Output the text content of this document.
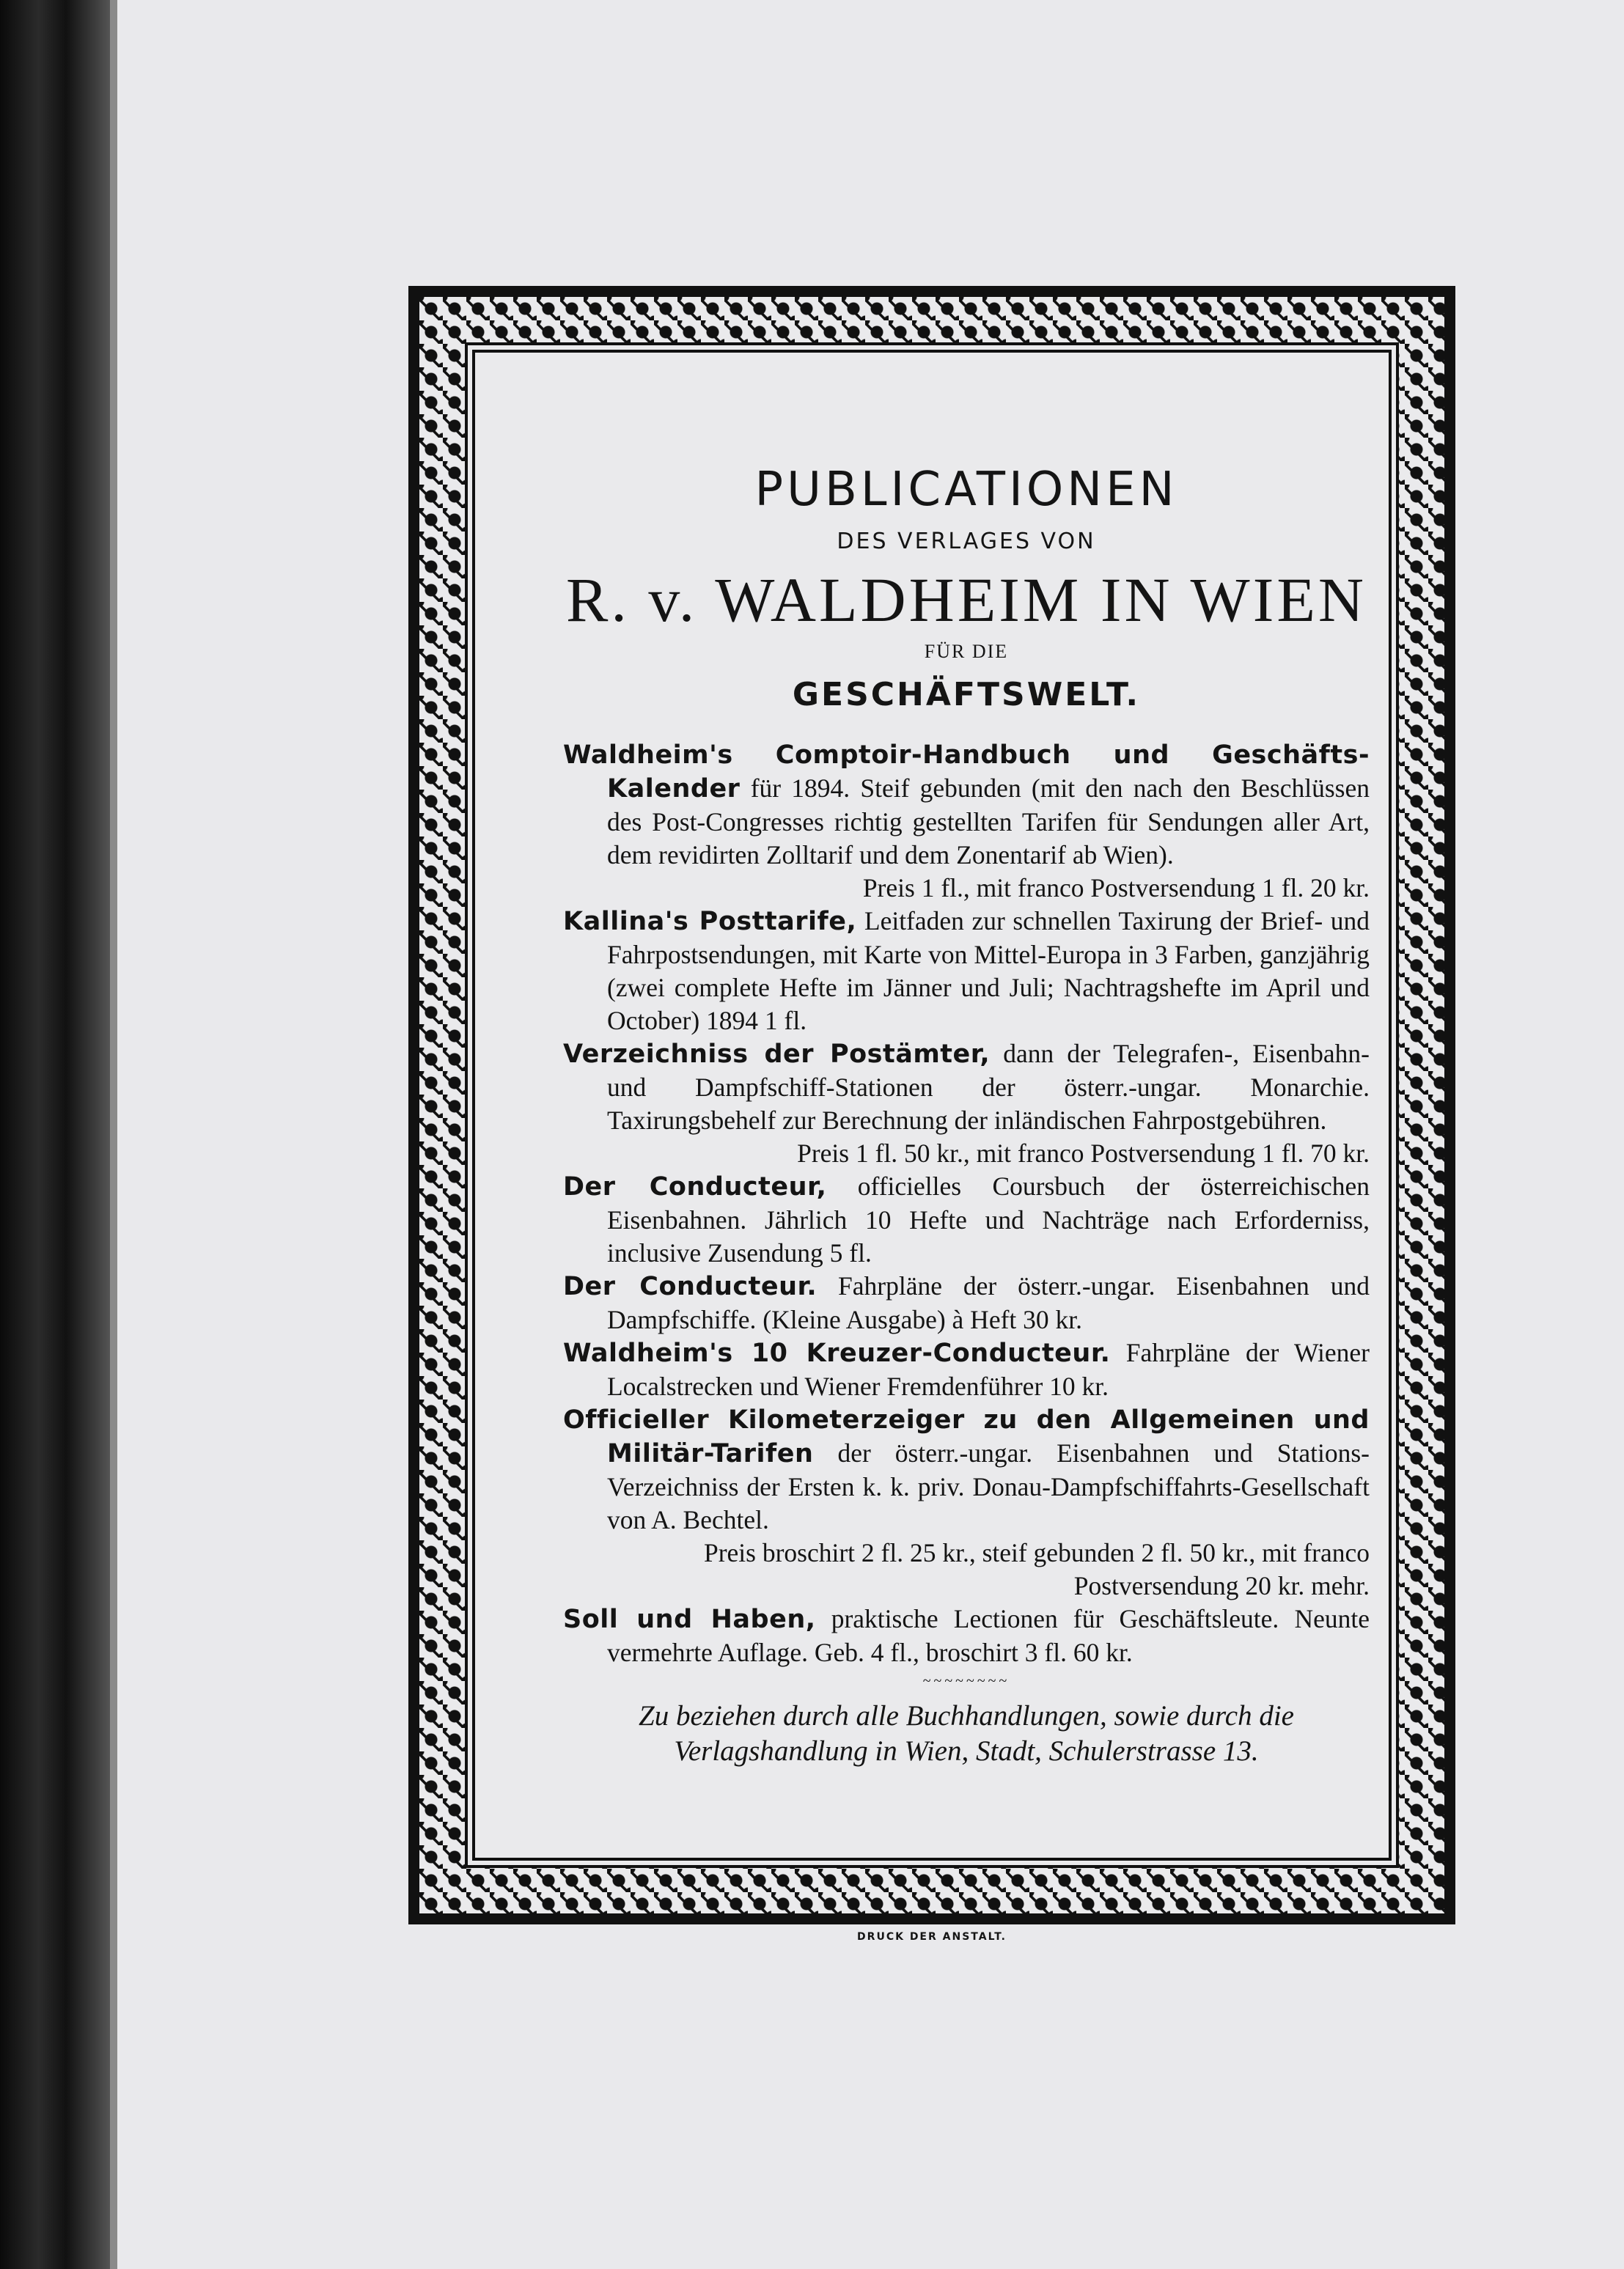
PUBLICATIONEN
DES VERLAGES VON
R. v. WALDHEIM IN WIEN
FÜR DIE
GESCHÄFTSWELT.

Waldheim's Comptoir-Handbuch und Geschäfts-Kalender für 1894. Steif gebunden (mit den nach den Beschlüssen des Post-Congresses richtig gestellten Tarifen für Sendungen aller Art, dem revidirten Zolltarif und dem Zonentarif ab Wien).

Preis 1 fl., mit franco Postversendung 1 fl. 20 kr.

Kallina's Posttarife, Leitfaden zur schnellen Taxirung der Brief- und Fahrpostsendungen, mit Karte von Mittel-Europa in 3 Farben, ganzjährig (zwei complete Hefte im Jänner und Juli; Nachtragshefte im April und October) 1894 1 fl.

Verzeichniss der Postämter, dann der Telegrafen-, Eisenbahn- und Dampfschiff-Stationen der österr.-ungar. Monarchie. Taxirungsbehelf zur Berechnung der inländischen Fahrpostgebühren.

Preis 1 fl. 50 kr., mit franco Postversendung 1 fl. 70 kr.

Der Conducteur, officielles Coursbuch der österreichischen Eisenbahnen. Jährlich 10 Hefte und Nachträge nach Erforderniss, inclusive Zusendung 5 fl.

Der Conducteur. Fahrpläne der österr.-ungar. Eisenbahnen und Dampfschiffe. (Kleine Ausgabe) à Heft 30 kr.

Waldheim's 10 Kreuzer-Conducteur. Fahrpläne der Wiener Localstrecken und Wiener Fremdenführer 10 kr.

Officieller Kilometerzeiger zu den Allgemeinen und Militär-Tarifen der österr.-ungar. Eisenbahnen und Stations-Verzeichniss der Ersten k. k. priv. Donau-Dampfschiffahrts-Gesellschaft von A. Bechtel.

Preis broschirt 2 fl. 25 kr., steif gebunden 2 fl. 50 kr., mit franco Postversendung 20 kr. mehr.

Soll und Haben, praktische Lectionen für Geschäftsleute. Neunte vermehrte Auflage. Geb. 4 fl., broschirt 3 fl. 60 kr.

~~~~~~~~
Zu beziehen durch alle Buchhandlungen, sowie durch die Verlagshandlung in Wien, Stadt, Schulerstrasse 13.
DRUCK DER ANSTALT.
